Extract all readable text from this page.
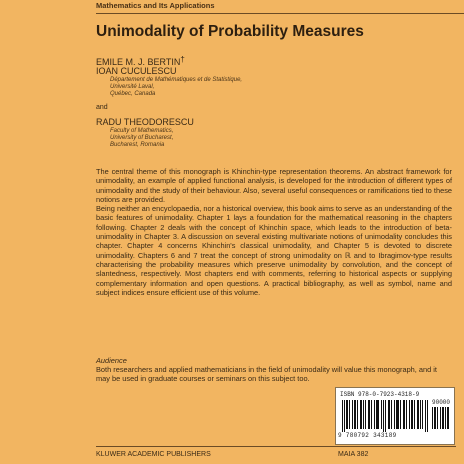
Mathematics and Its Applications
Unimodality of Probability Measures
EMILE M. J. BERTIN†
IOAN CUCULESCU
Département de Mathématiques et de Statistique,
Université Laval,
Québec, Canada
and
RADU THEODORESCU
Faculty of Mathematics,
University of Bucharest,
Bucharest, Romania

The central theme of this monograph is Khinchin-type representation theorems. An abstract framework for unimodality, an example of applied functional analysis, is developed for the introduction of different types of unimodality and the study of their behaviour. Also, several useful consequences or ramifications tied to these notions are provided.

Being neither an encyclopaedia, nor a historical overview, this book aims to serve as an understanding of the basic features of unimodality. Chapter 1 lays a foundation for the mathematical reasoning in the chapters following. Chapter 2 deals with the concept of Khinchin space, which leads to the introduction of beta-unimodality in Chapter 3. A discussion on several existing multivariate notions of unimodality concludes this chapter. Chapter 4 concerns Khinchin's classical unimodality, and Chapter 5 is devoted to discrete unimodality. Chapters 6 and 7 treat the concept of strong unimodality on ℝ and to Ibragimov-type results characterising the probability measures which preserve unimodality by convolution, and the concept of slantedness, respectively. Most chapters end with comments, referring to historical aspects or supplying complementary information and open questions. A practical bibliography, as well as symbol, name and subject indices ensure efficient use of this volume.

Audience
Both researchers and applied mathematicians in the field of unimodality will value this monograph, and it may be used in graduate courses or seminars on this subject too.
ISBN 978-0-7923-4318-9
90000
9 780792 343189
KLUWER ACADEMIC PUBLISHERS	MAIA 382
